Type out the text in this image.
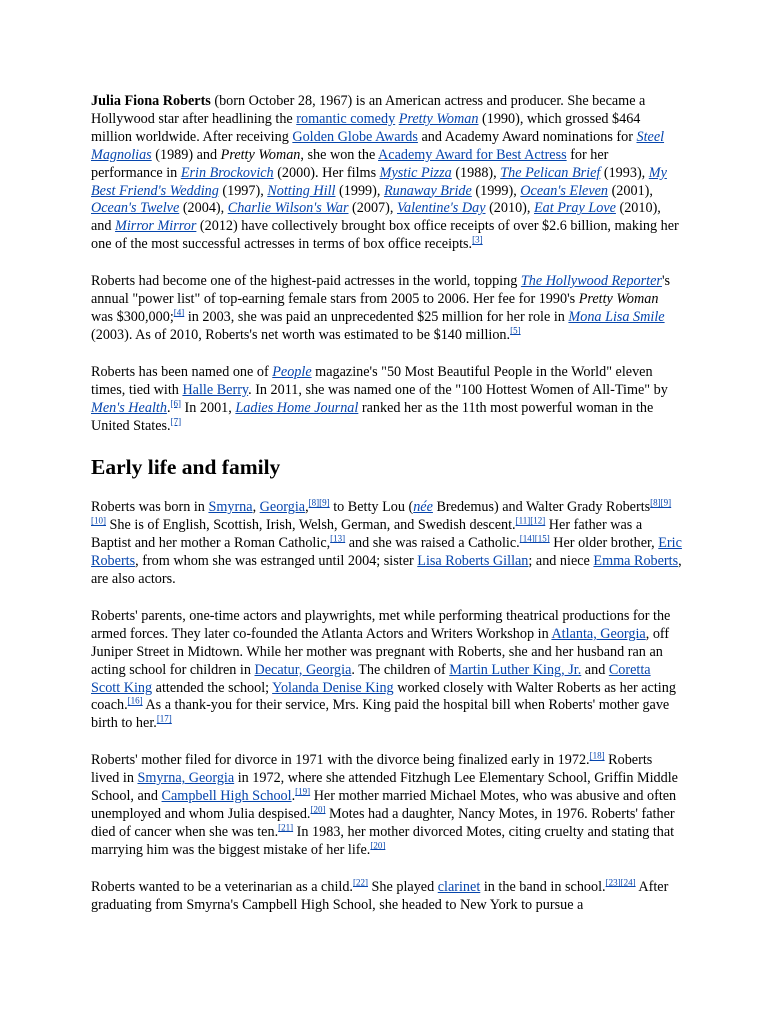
Julia Fiona Roberts (born October 28, 1967) is an American actress and producer. She became a Hollywood star after headlining the romantic comedy Pretty Woman (1990), which grossed $464 million worldwide. After receiving Golden Globe Awards and Academy Award nominations for Steel Magnolias (1989) and Pretty Woman, she won the Academy Award for Best Actress for her performance in Erin Brockovich (2000). Her films Mystic Pizza (1988), The Pelican Brief (1993), My Best Friend's Wedding (1997), Notting Hill (1999), Runaway Bride (1999), Ocean's Eleven (2001), Ocean's Twelve (2004), Charlie Wilson's War (2007), Valentine's Day (2010), Eat Pray Love (2010), and Mirror Mirror (2012) have collectively brought box office receipts of over $2.6 billion, making her one of the most successful actresses in terms of box office receipts.[3]

Roberts had become one of the highest-paid actresses in the world, topping The Hollywood Reporter's annual "power list" of top-earning female stars from 2005 to 2006. Her fee for 1990's Pretty Woman was $300,000;[4] in 2003, she was paid an unprecedented $25 million for her role in Mona Lisa Smile (2003). As of 2010, Roberts's net worth was estimated to be $140 million.[5]

Roberts has been named one of People magazine's "50 Most Beautiful People in the World" eleven times, tied with Halle Berry. In 2011, she was named one of the "100 Hottest Women of All-Time" by Men's Health.[6] In 2001, Ladies Home Journal ranked her as the 11th most powerful woman in the United States.[7]

Early life and family

Roberts was born in Smyrna, Georgia,[8][9] to Betty Lou (née Bredemus) and Walter Grady Roberts[8][9][10] She is of English, Scottish, Irish, Welsh, German, and Swedish descent.[11][12] Her father was a Baptist and her mother a Roman Catholic,[13] and she was raised a Catholic.[14][15] Her older brother, Eric Roberts, from whom she was estranged until 2004; sister Lisa Roberts Gillan; and niece Emma Roberts, are also actors.

Roberts' parents, one-time actors and playwrights, met while performing theatrical productions for the armed forces. They later co-founded the Atlanta Actors and Writers Workshop in Atlanta, Georgia, off Juniper Street in Midtown. While her mother was pregnant with Roberts, she and her husband ran an acting school for children in Decatur, Georgia. The children of Martin Luther King, Jr. and Coretta Scott King attended the school; Yolanda Denise King worked closely with Walter Roberts as her acting coach.[16] As a thank-you for their service, Mrs. King paid the hospital bill when Roberts' mother gave birth to her.[17]

Roberts' mother filed for divorce in 1971 with the divorce being finalized early in 1972.[18] Roberts lived in Smyrna, Georgia in 1972, where she attended Fitzhugh Lee Elementary School, Griffin Middle School, and Campbell High School.[19] Her mother married Michael Motes, who was abusive and often unemployed and whom Julia despised.[20] Motes had a daughter, Nancy Motes, in 1976. Roberts' father died of cancer when she was ten.[21] In 1983, her mother divorced Motes, citing cruelty and stating that marrying him was the biggest mistake of her life.[20]

Roberts wanted to be a veterinarian as a child.[22] She played clarinet in the band in school.[23][24] After graduating from Smyrna's Campbell High School, she headed to New York to pursue a
